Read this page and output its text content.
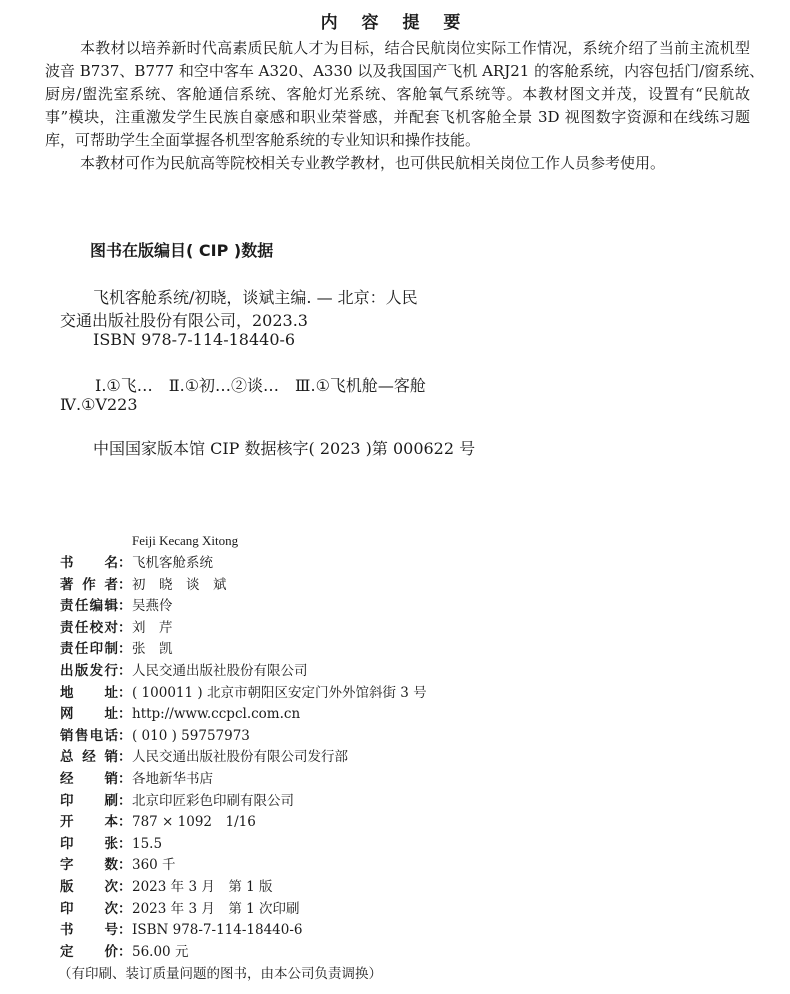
内 容 提 要
本教材以培养新时代高素质民航人才为目标，结合民航岗位实际工作情况，系统介绍了当前主流机型
波音 B737、B777 和空中客车 A320、A330 以及我国国产飞机 ARJ21 的客舱系统，内容包括门/窗系统、
厨房/盥洗室系统、客舱通信系统、客舱灯光系统、客舱氧气系统等。本教材图文并茂，设置有“民航故
事”模块，注重激发学生民族自豪感和职业荣誉感，并配套飞机客舱全景 3D 视图数字资源和在线练习题
库，可帮助学生全面掌握各机型客舱系统的专业知识和操作技能。
本教材可作为民航高等院校相关专业教学教材，也可供民航相关岗位工作人员参考使用。
图书在版编目( CIP )数据
飞机客舱系统/初晓，谈斌主编. — 北京：人民
交通出版社股份有限公司，2023.3
ISBN 978-7-114-18440-6
Ⅰ.①飞…　Ⅱ.①初…②谈…　Ⅲ.①飞机舱—客舱
Ⅳ.①V223
中国国家版本馆 CIP 数据核字( 2023 )第 000622 号
Feiji Kecang Xitong
书名 ： 飞机客舱系统
著作者 ： 初　晓　谈　斌
责任编辑 ： 吴燕伶
责任校对 ： 刘　芹
责任印制 ： 张　凯
出版发行 ： 人民交通出版社股份有限公司
地址 ： ( 100011 ) 北京市朝阳区安定门外外馆斜街 3 号
网址 ： http://www.ccpcl.com.cn
销售电话 ： ( 010 ) 59757973
总经销 ： 人民交通出版社股份有限公司发行部
经销 ： 各地新华书店
印刷 ： 北京印匠彩色印刷有限公司
开本 ： 787 × 1092　1/16
印张 ： 15.5
字数 ： 360 千
版次 ： 2023 年 3 月　第 1 版
印次 ： 2023 年 3 月　第 1 次印刷
书号 ： ISBN 978-7-114-18440-6
定价 ： 56.00 元
（有印刷、装订质量问题的图书，由本公司负责调换）
